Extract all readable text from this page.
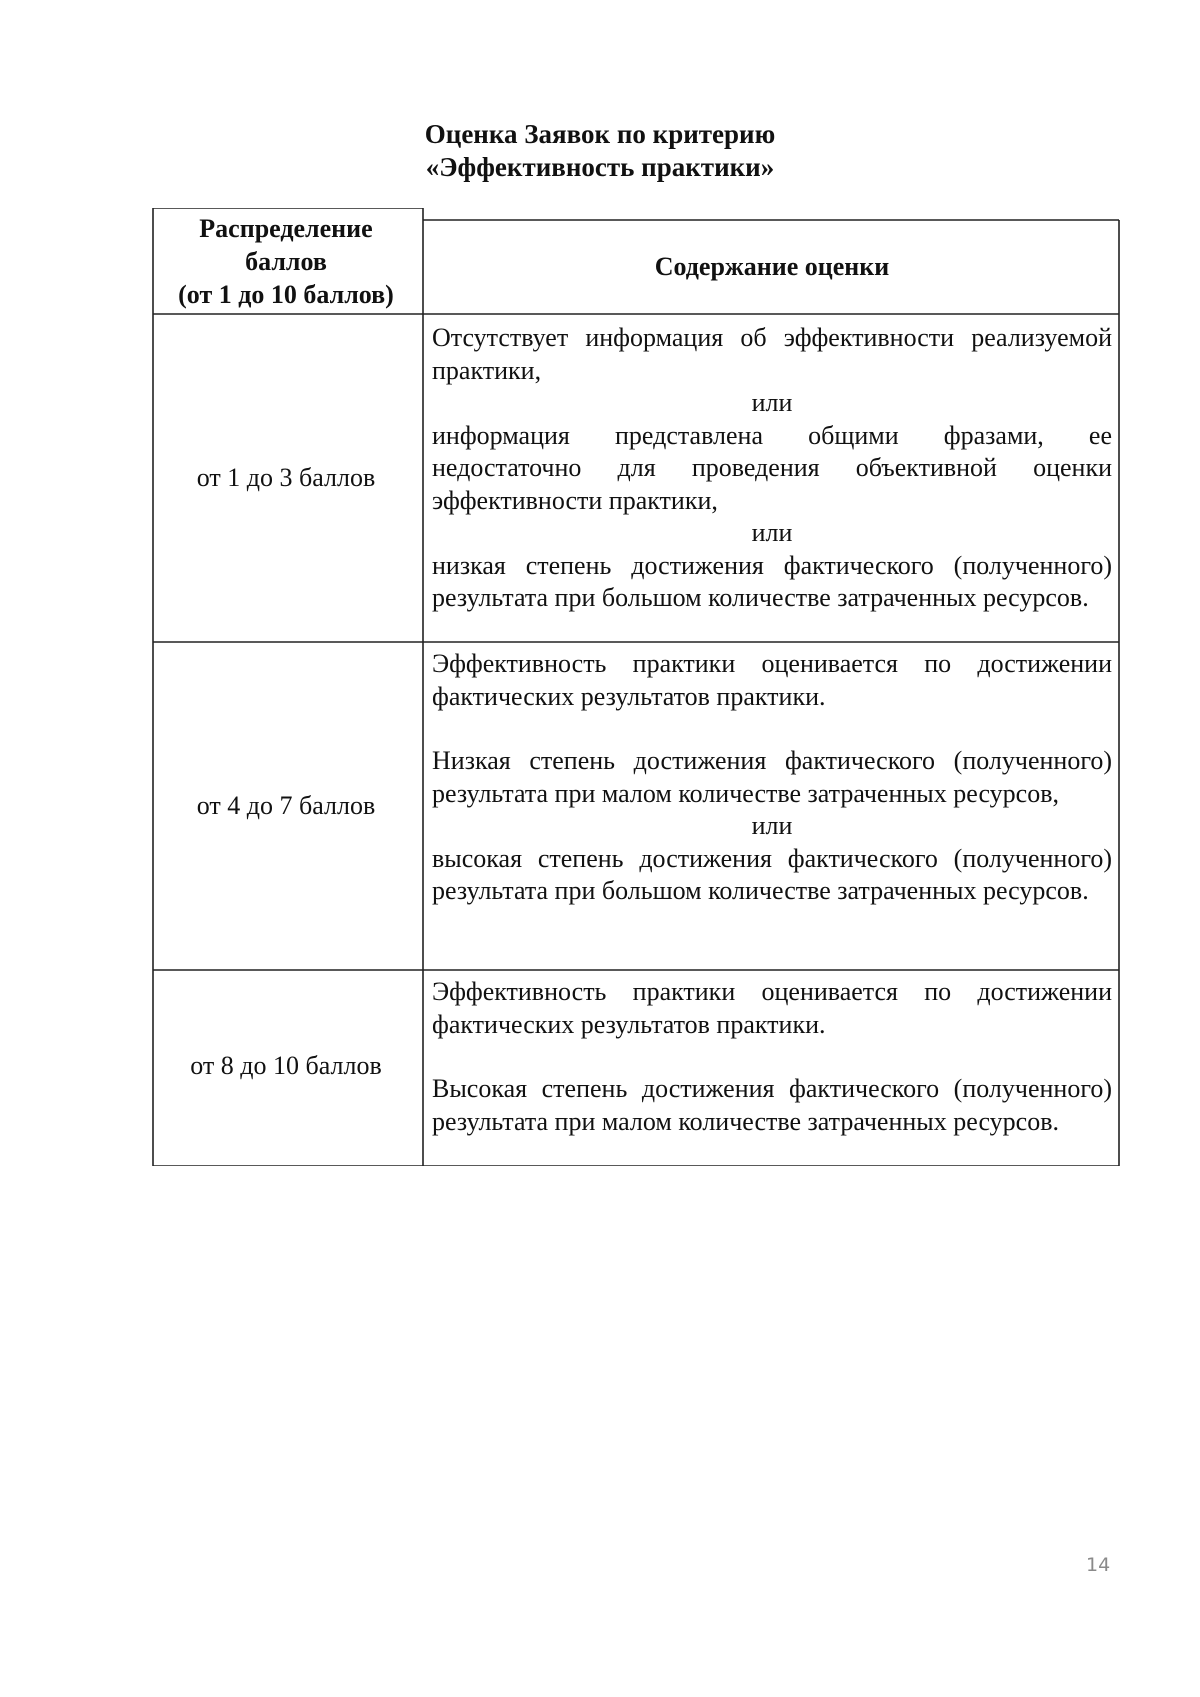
Оценка Заявок по критерию
«Эффективность практики»
Распределение
баллов
(от 1 до 10 баллов)
Содержание оценки
от 1 до 3 баллов

Отсутствует информация об эффективности реализуемой практики,

или

информация представлена общими фразами, ее недостаточно для проведения объективной оценки эффективности практики,

или

низкая степень достижения фактического (полученного) результата при большом количестве затраченных ресурсов.

от 4 до 7 баллов

Эффективность практики оценивается по достижении фактических результатов практики.

Низкая степень достижения фактического (полученного) результата при малом количестве затраченных ресурсов,

или

высокая степень достижения фактического (полученного) результата при большом количестве затраченных ресурсов.

от 8 до 10 баллов

Эффективность практики оценивается по достижении фактических результатов практики.

Высокая степень достижения фактического (полученного) результата при малом количестве затраченных ресурсов.

14
